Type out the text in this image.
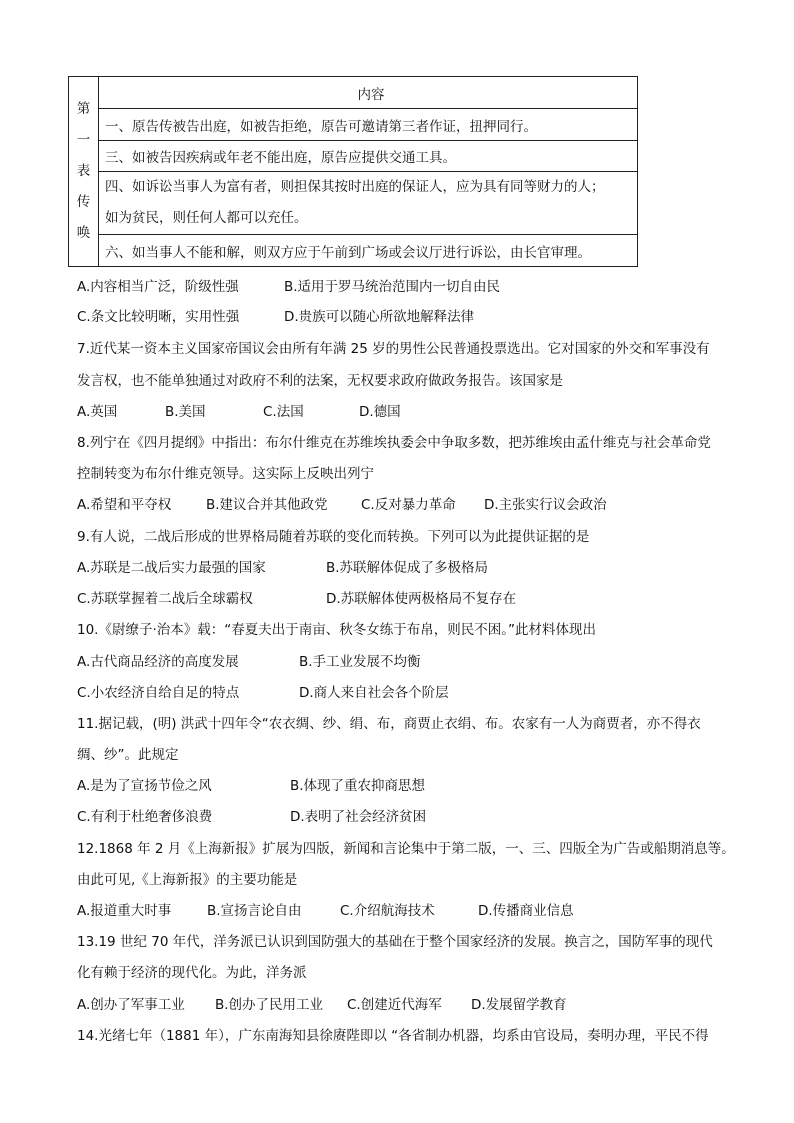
第
一
表
传
唤
	内容
一、原告传被告出庭，如被告拒绝，原告可邀请第三者作证，扭押同行。
三、如被告因疾病或年老不能出庭，原告应提供交通工具。

四、如诉讼当事人为富有者，则担保其按时出庭的保证人，应为具有同等财力的人；
如为贫民，则任何人都可以充任。

六、如当事人不能和解，则双方应于午前到广场或会议厅进行诉讼，由长官审理。
A.内容相当广泛，阶级性强	B.适用于罗马统治范围内一切自由民
C.条文比较明晰，实用性强	D.贵族可以随心所欲地解释法律
7.近代某一资本主义国家帝国议会由所有年满 25 岁的男性公民普通投票选出。它对国家的外交和军事没有
发言权，也不能单独通过对政府不利的法案，无权要求政府做政务报告。该国家是
A.英国	B.美国	C.法国	D.德国
8.列宁在《四月提纲》中指出：布尔什维克在苏维埃执委会中争取多数，把苏维埃由孟什维克与社会革命党
控制转变为布尔什维克领导。这实际上反映出列宁
A.希望和平夺权	B.建议合并其他政党 C.反对暴力革命 D.主张实行议会政治
9.有人说，二战后形成的世界格局随着苏联的变化而转换。下列可以为此提供证据的是
A.苏联是二战后实力最强的国家	B.苏联解体促成了多极格局
C.苏联掌握着二战后全球霸权	D.苏联解体使两极格局不复存在
10.《尉缭子·治本》载：“春夏夫出于南亩、秋冬女练于布帛，则民不困。”此材料体现出
A.古代商品经济的高度发展	B.手工业发展不均衡
C.小农经济自给自足的特点	D.商人来自社会各个阶层
11.据记载，(明) 洪武十四年令“农衣绸、纱、绢、布，商贾止衣绢、布。农家有一人为商贾者，亦不得衣
绸、纱”。此规定
A.是为了宣扬节俭之风	B.体现了重农抑商思想
C.有利于杜绝奢侈浪费	D.表明了社会经济贫困
12.1868 年 2 月《上海新报》扩展为四版，新闻和言论集中于第二版，一、三、四版全为广告或船期消息等。
由此可见,《上海新报》的主要功能是
A.报道重大时事	B.宣扬言论自由	C.介绍航海技术	D.传播商业信息
13.19 世纪 70 年代，洋务派已认识到国防强大的基础在于整个国家经济的发展。换言之，国防军事的现代
化有赖于经济的现代化。为此，洋务派
A.创办了军事工业 B.创办了民用工业 C.创建近代海军 D.发展留学教育
14.光绪七年（1881 年），广东南海知县徐赓陛即以 “各省制办机器，均系由官设局，奏明办理，平民不得
